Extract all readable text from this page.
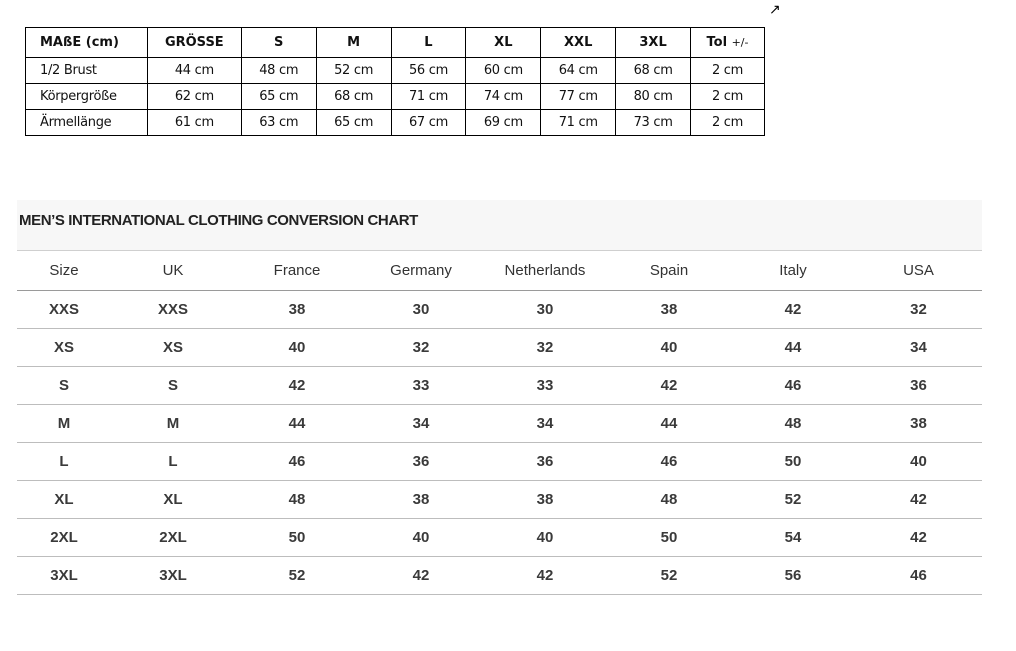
↗
MAßE (cm)	GRÖSSE	S	M	L	XL	XXL	3XL	Tol +/-
1/2 Brust	44 cm	48 cm	52 cm	56 cm	60 cm	64 cm	68 cm	2 cm
Körpergröße	62 cm	65 cm	68 cm	71 cm	74 cm	77 cm	80 cm	2 cm
Ärmellänge	61 cm	63 cm	65 cm	67 cm	69 cm	71 cm	73 cm	2 cm
MEN’S INTERNATIONAL CLOTHING CONVERSION CHART
Size	UK	France	Germany	Netherlands	Spain	Italy	USA
XXS	XXS	38	30	30	38	42	32
XS	XS	40	32	32	40	44	34
S	S	42	33	33	42	46	36
M	M	44	34	34	44	48	38
L	L	46	36	36	46	50	40
XL	XL	48	38	38	48	52	42
2XL	2XL	50	40	40	50	54	42
3XL	3XL	52	42	42	52	56	46
